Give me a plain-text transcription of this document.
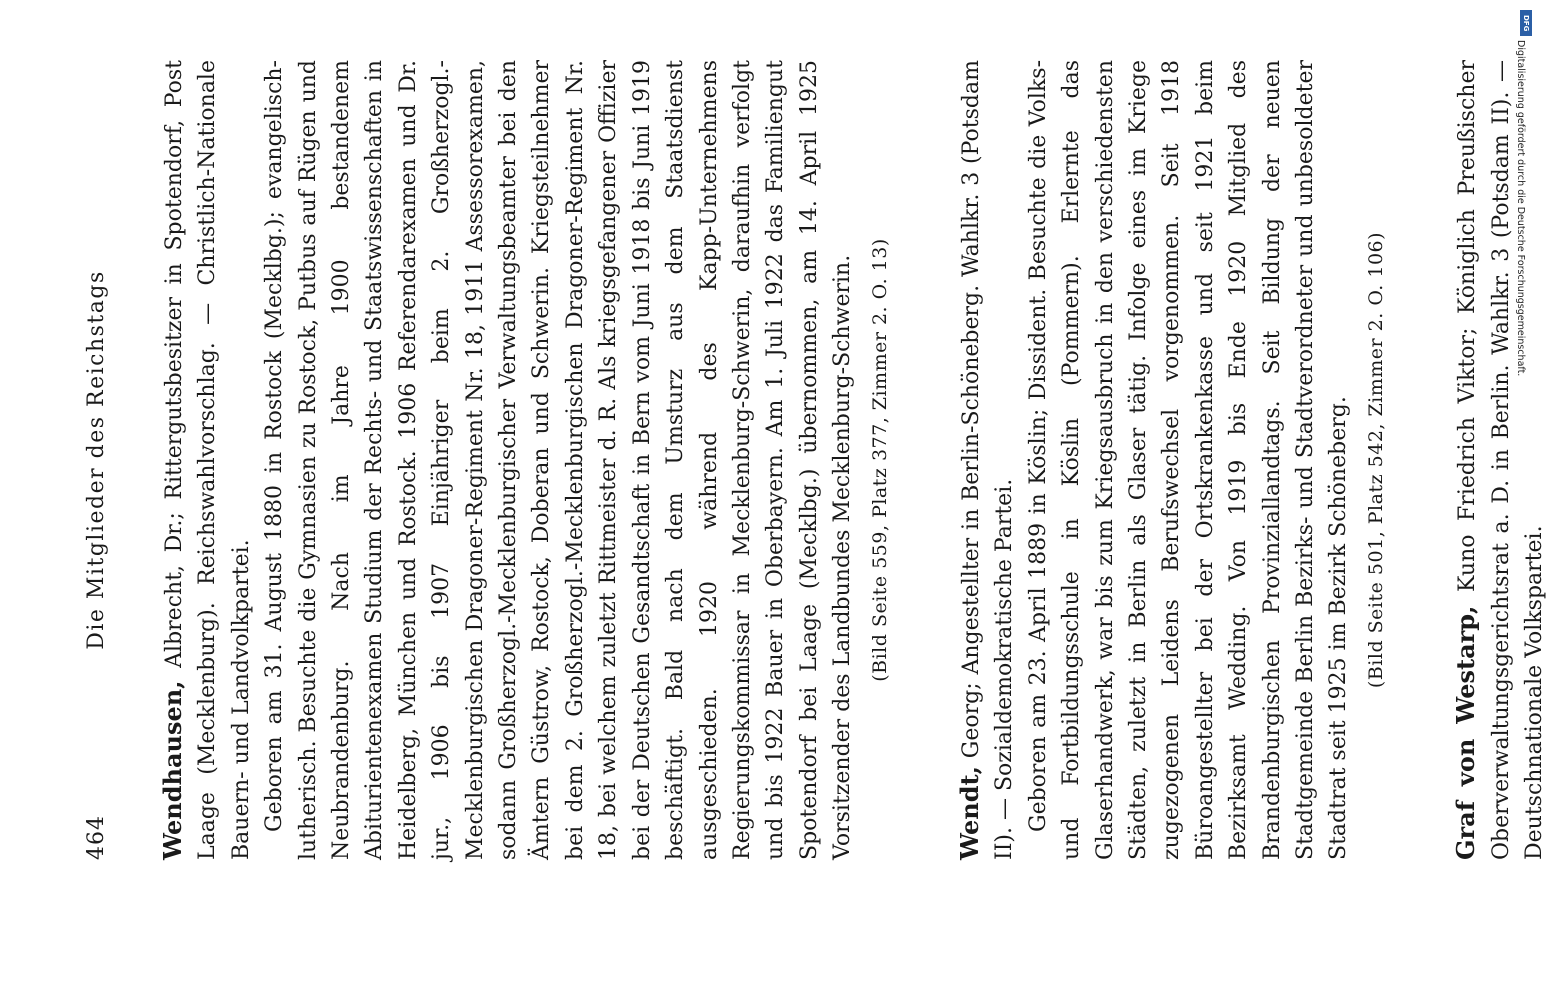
464
Die Mitglieder des Reichstags

Wendhausen, Albrecht, Dr.; Rittergutsbesitzer in Spotendorf, Post Laage (Mecklenburg). Reichswahlvorschlag. — Christlich-Nationale Bauern- und Landvolkpartei. Geboren am 31. August 1880 in Rostock (Mecklbg.); evangelisch-lutherisch. Besuchte die Gymnasien zu Rostock, Putbus auf Rügen und Neubrandenburg. Nach im Jahre 1900 bestandenem Abiturientenexamen Studium der Rechts- und Staatswissenschaften in Heidelberg, München und Rostock. 1906 Referendarexamen und Dr. jur., 1906 bis 1907 Einjähriger beim 2. Großherzogl.-Mecklenburgischen Dragoner-Regiment Nr. 18, 1911 Assessorexamen, sodann Großherzogl.-Mecklenburgischer Verwaltungsbeamter bei den Ämtern Güstrow, Rostock, Doberan und Schwerin. Kriegsteilnehmer bei dem 2. Großherzogl.-Mecklenburgischen Dragoner-Regiment Nr. 18, bei welchem zuletzt Rittmeister d. R. Als kriegsgefangener Offizier bei der Deutschen Gesandtschaft in Bern vom Juni 1918 bis Juni 1919 beschäftigt. Bald nach dem Umsturz aus dem Staatsdienst ausgeschieden. 1920 während des Kapp-Unternehmens Regierungskommissar in Mecklenburg-Schwerin, daraufhin verfolgt und bis 1922 Bauer in Oberbayern. Am 1. Juli 1922 das Familiengut Spotendorf bei Laage (Mecklbg.) übernommen, am 14. April 1925 Vorsitzender des Landbundes Mecklenburg-Schwerin. (Bild Seite 559, Platz 377, Zimmer 2. O. 13)

Wendt, Georg; Angestellter in Berlin-Schöneberg. Wahlkr. 3 (Potsdam II). — Sozialdemokratische Partei. Geboren am 23. April 1889 in Köslin; Dissident. Besuchte die Volks- und Fortbildungsschule in Köslin (Pommern). Erlernte das Glaserhandwerk, war bis zum Kriegsausbruch in den verschiedensten Städten, zuletzt in Berlin als Glaser tätig. Infolge eines im Kriege zugezogenen Leidens Berufswechsel vorgenommen. Seit 1918 Büroangestellter bei der Ortskrankenkasse und seit 1921 beim Bezirksamt Wedding. Von 1919 bis Ende 1920 Mitglied des Brandenburgischen Provinziallandtags. Seit Bildung der neuen Stadtgemeinde Berlin Bezirks- und Stadtverordneter und unbesoldeter Stadtrat seit 1925 im Bezirk Schöneberg. (Bild Seite 501, Platz 542, Zimmer 2. O. 106)

Graf von Westarp, Kuno Friedrich Viktor; Königlich Preußischer Oberverwaltungsgerichtsrat a. D. in Berlin. Wahlkr. 3 (Potsdam II). — Deutschnationale Volkspartei.

DFG
Digitalisierung gefördert durch die Deutsche Forschungsgemeinschaft.
